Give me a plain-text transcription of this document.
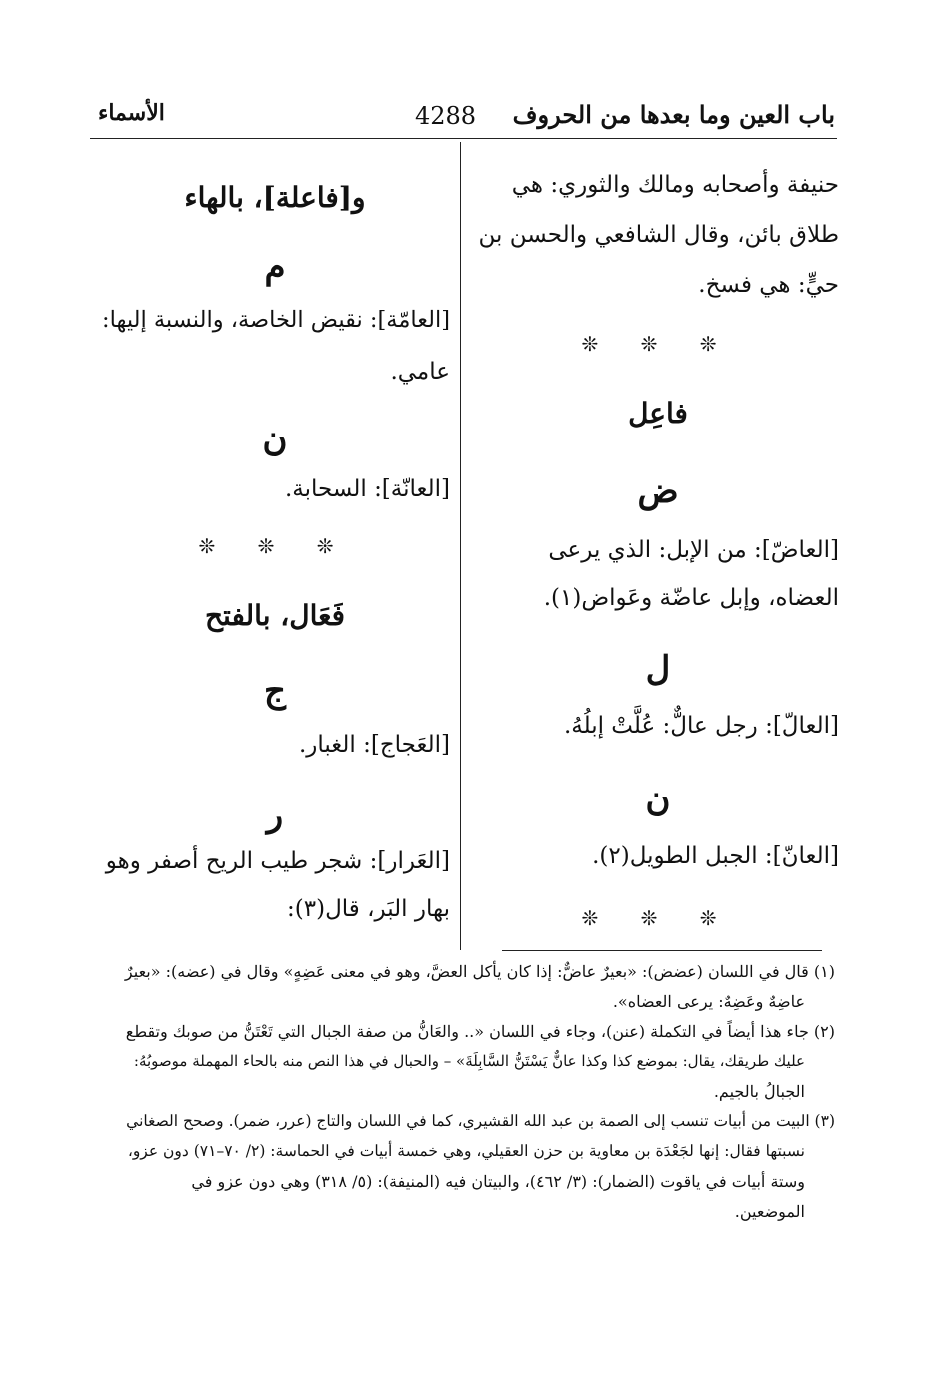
باب العين وما بعدها من الحروف
4288
الأسماء
حنيفة وأصحابه ومالك والثوري: هي
طلاق بائن، وقال الشافعي والحسن بن
حيٍّ: هي فسخ.
❊ ❊ ❊
فاعِل
ض
[العاضّ]: من الإبل: الذي يرعى
العضاه، وإبل عاضّة وعَواض(١).
ل
[العالّ]: رجل عالٌّ: عُلَّتْ إبلُهُ.
ن
[العانّ]: الجبل الطويل(٢).
❊ ❊ ❊
و[فاعلة]، بالهاء
م
[العامّة]: نقيض الخاصة، والنسبة إليها:
عامي.
ن
[العانّة]: السحابة.
❊ ❊ ❊
فَعَال، بالفتح
ج
[العَجاج]: الغبار.
ر
[العَرار]: شجر طيب الريح أصفر وهو
بهار البَر، قال(٣):
(١) قال في اللسان (عضض): «بعيرٌ عاضٌّ: إذا كان يأكل العضَّ، وهو في معنى عَضِهٍ» وقال في (عضه): «بعيرٌ
عاضِهٌ وعَضِهٌ: يرعى العضاه».
(٢) جاء هذا أيضاً في التكملة (عنن)، وجاء في اللسان «.. والعَانُّ من صفة الجبال التي تَعْتَنُّ من صوبك وتقطع
عليك طريقك، يقال: بموضع كذا وكذا عانٌّ يَسْتَنُّ السَّابِلَةَ» – والحبال في هذا النص منه بالحاء المهملة موصوبُهُ:
الجبالُ بالجيم.
(٣) البيت من أبيات تنسب إلى الصمة بن عبد الله القشيري، كما في اللسان والتاج (عرر، ضمر). وصحح الصغاني
نسبتها فقال: إنها لجَعْدَة بن معاوية بن حزن العقيلي، وهي خمسة أبيات في الحماسة: (٢/ ٧٠–٧١) دون عزو،
وستة أبيات في ياقوت (الضمار): (٣/ ٤٦٢)، والبيتان فيه (المنيفة): (٥/ ٣١٨) وهي دون عزو في
الموضعين.
